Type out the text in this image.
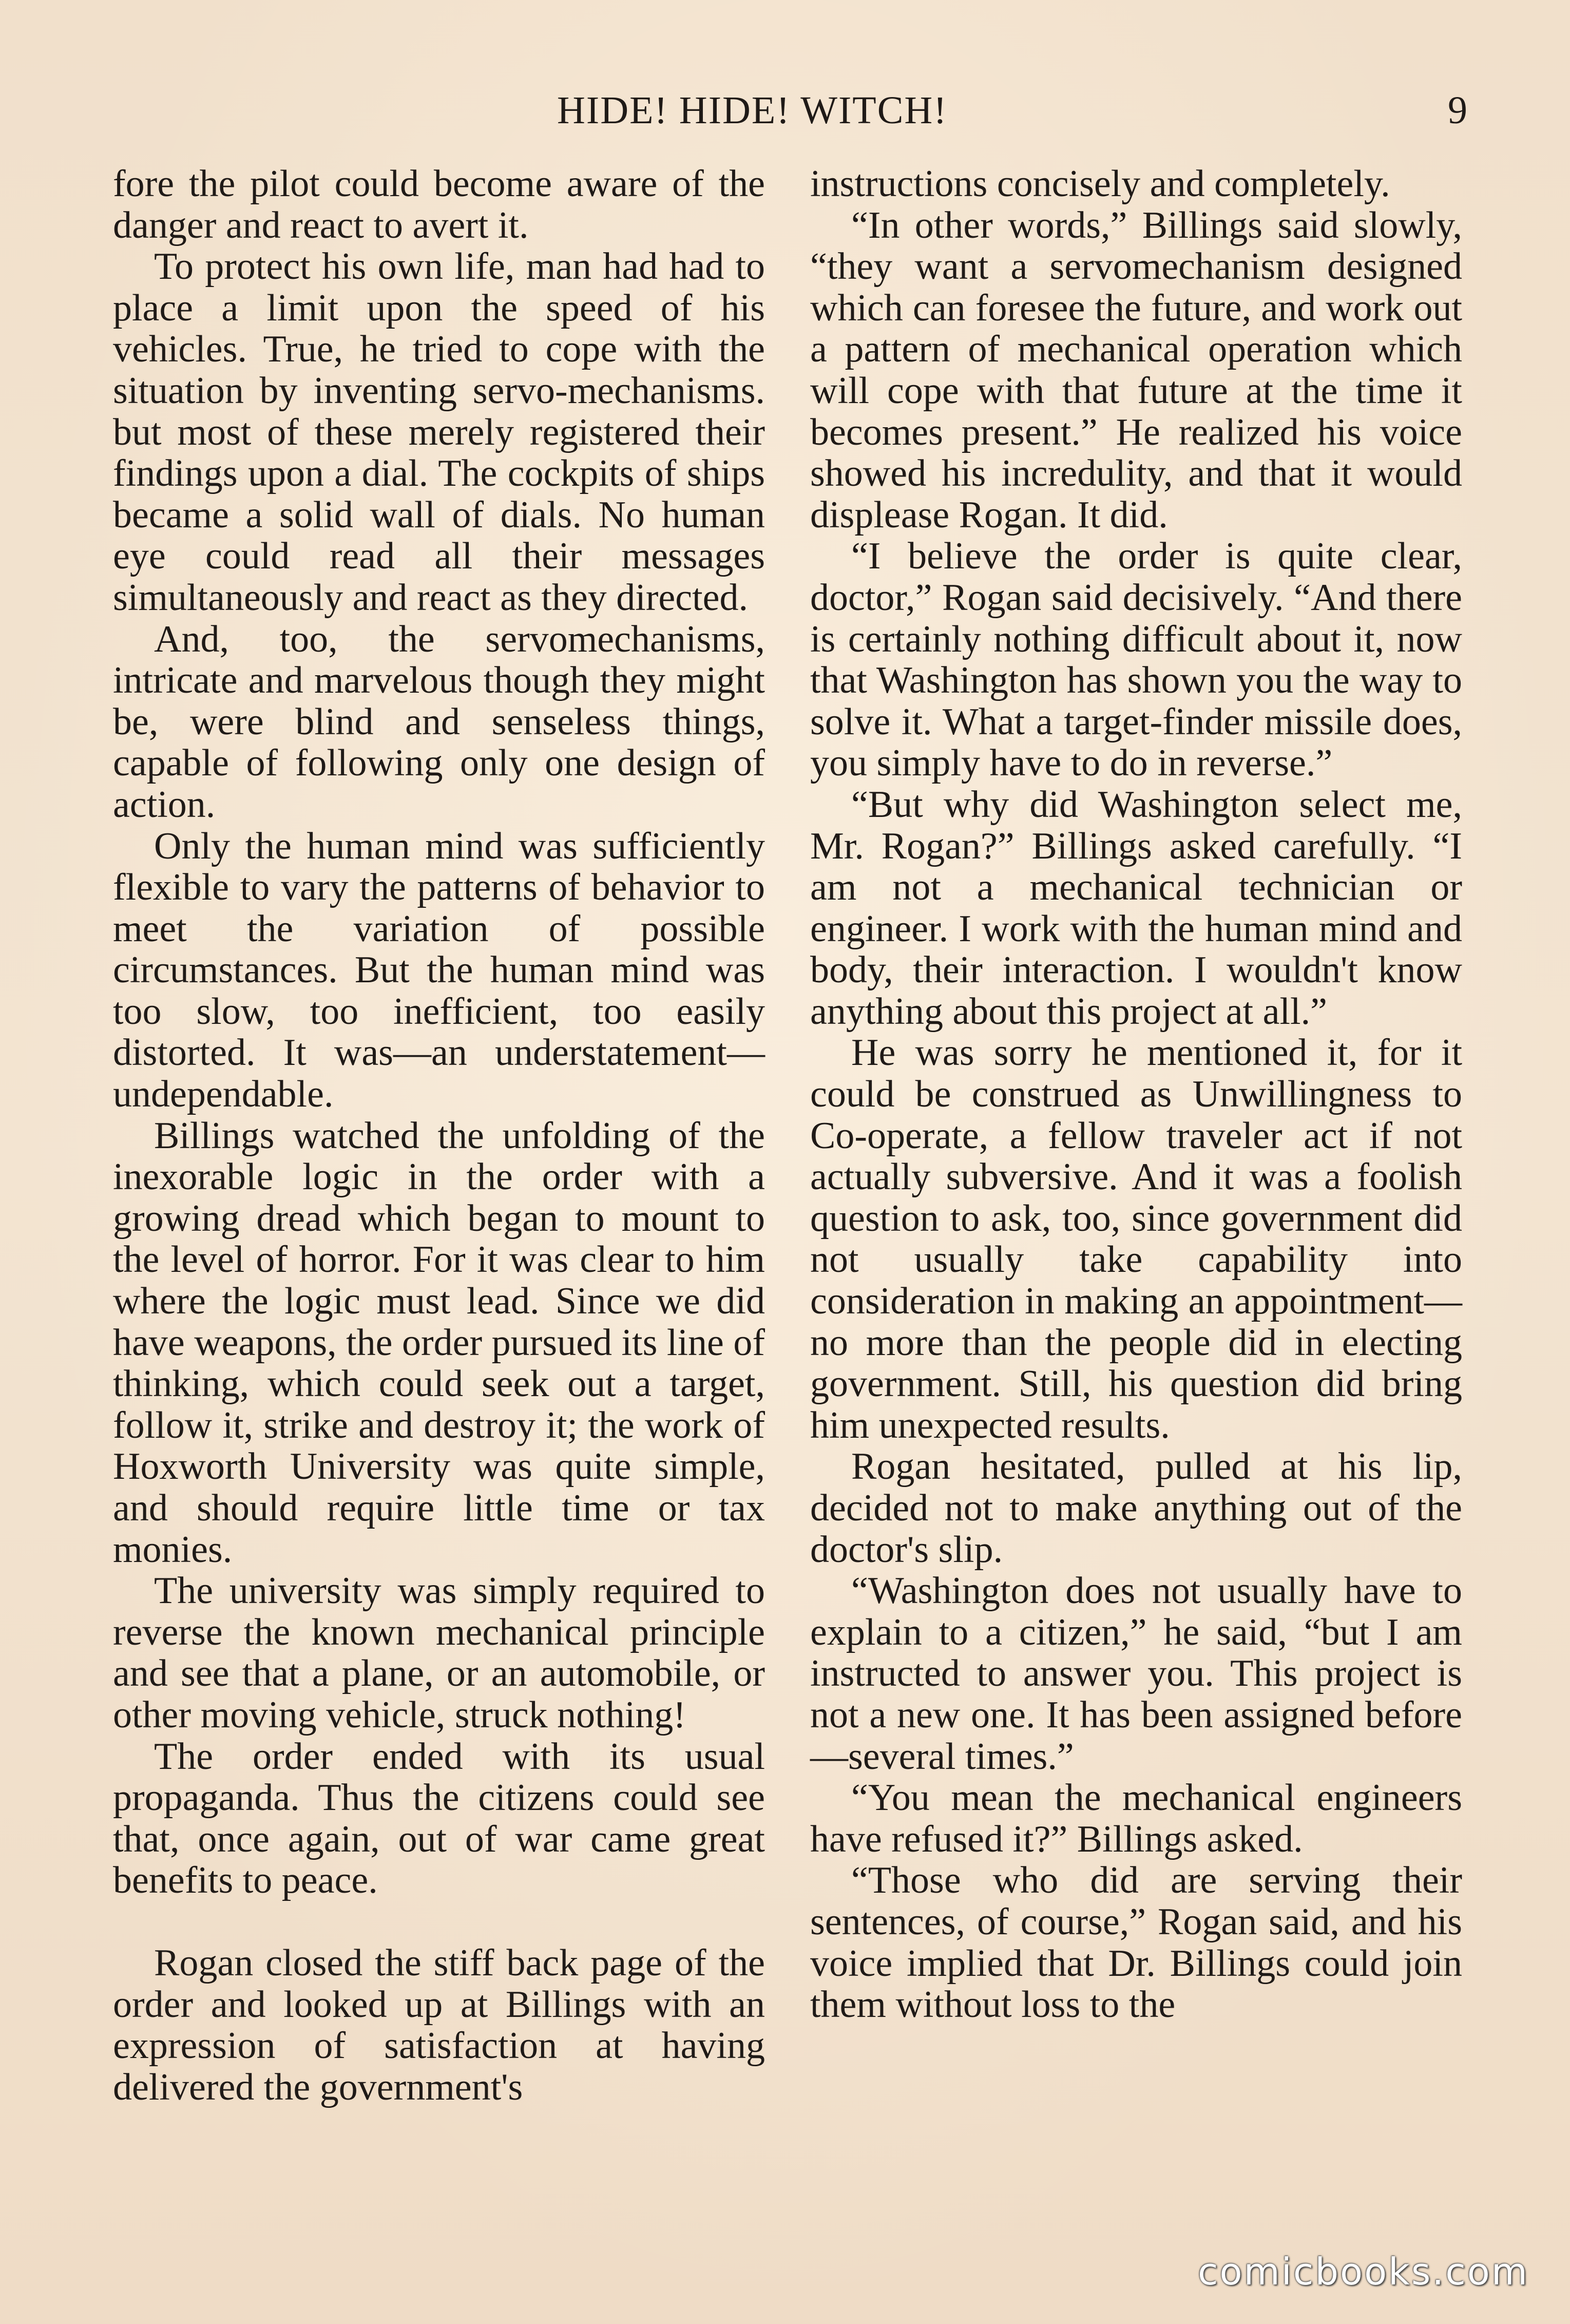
HIDE! HIDE! WITCH!	9

fore the pilot could become aware of the danger and react to avert it.

To protect his own life, man had had to place a limit upon the speed of his vehicles. True, he tried to cope with the situation by inventing servo-mechanisms. but most of these merely registered their findings upon a dial. The cockpits of ships became a solid wall of dials. No human eye could read all their messages simultaneously and react as they directed.

And, too, the servomechanisms, intricate and marvelous though they might be, were blind and senseless things, capable of following only one design of action.

Only the human mind was sufficiently flexible to vary the patterns of behavior to meet the variation of possible circumstances. But the human mind was too slow, too inefficient, too easily distorted. It was—an understatement—undependable.

Billings watched the unfolding of the inexorable logic in the order with a growing dread which began to mount to the level of horror. For it was clear to him where the logic must lead. Since we did have weapons, the order pursued its line of thinking, which could seek out a target, follow it, strike and destroy it; the work of Hoxworth University was quite simple, and should require little time or tax monies.

The university was simply required to reverse the known mechanical principle and see that a plane, or an automobile, or other moving vehicle, struck nothing!

The order ended with its usual propaganda. Thus the citizens could see that, once again, out of war came great benefits to peace.

Rogan closed the stiff back page of the order and looked up at Billings with an expression of satisfaction at having delivered the government's

instructions concisely and completely.

“In other words,” Billings said slowly, “they want a servomechanism designed which can foresee the future, and work out a pattern of mechanical operation which will cope with that future at the time it becomes present.” He realized his voice showed his incredulity, and that it would displease Rogan. It did.

“I believe the order is quite clear, doctor,” Rogan said decisively. “And there is certainly nothing difficult about it, now that Washington has shown you the way to solve it. What a target-finder missile does, you simply have to do in reverse.”

“But why did Washington select me, Mr. Rogan?” Billings asked carefully. “I am not a mechanical technician or engineer. I work with the human mind and body, their interaction. I wouldn't know anything about this project at all.”

He was sorry he mentioned it, for it could be construed as Unwillingness to Co-operate, a fellow traveler act if not actually subversive. And it was a foolish question to ask, too, since government did not usually take capability into consideration in making an appointment—no more than the people did in electing government. Still, his question did bring him unexpected results.

Rogan hesitated, pulled at his lip, decided not to make anything out of the doctor's slip.

“Washington does not usually have to explain to a citizen,” he said, “but I am instructed to answer you. This project is not a new one. It has been assigned before—several times.”

“You mean the mechanical engineers have refused it?” Billings asked.

“Those who did are serving their sentences, of course,” Rogan said, and his voice implied that Dr. Billings could join them without loss to the

comicbooks.com
